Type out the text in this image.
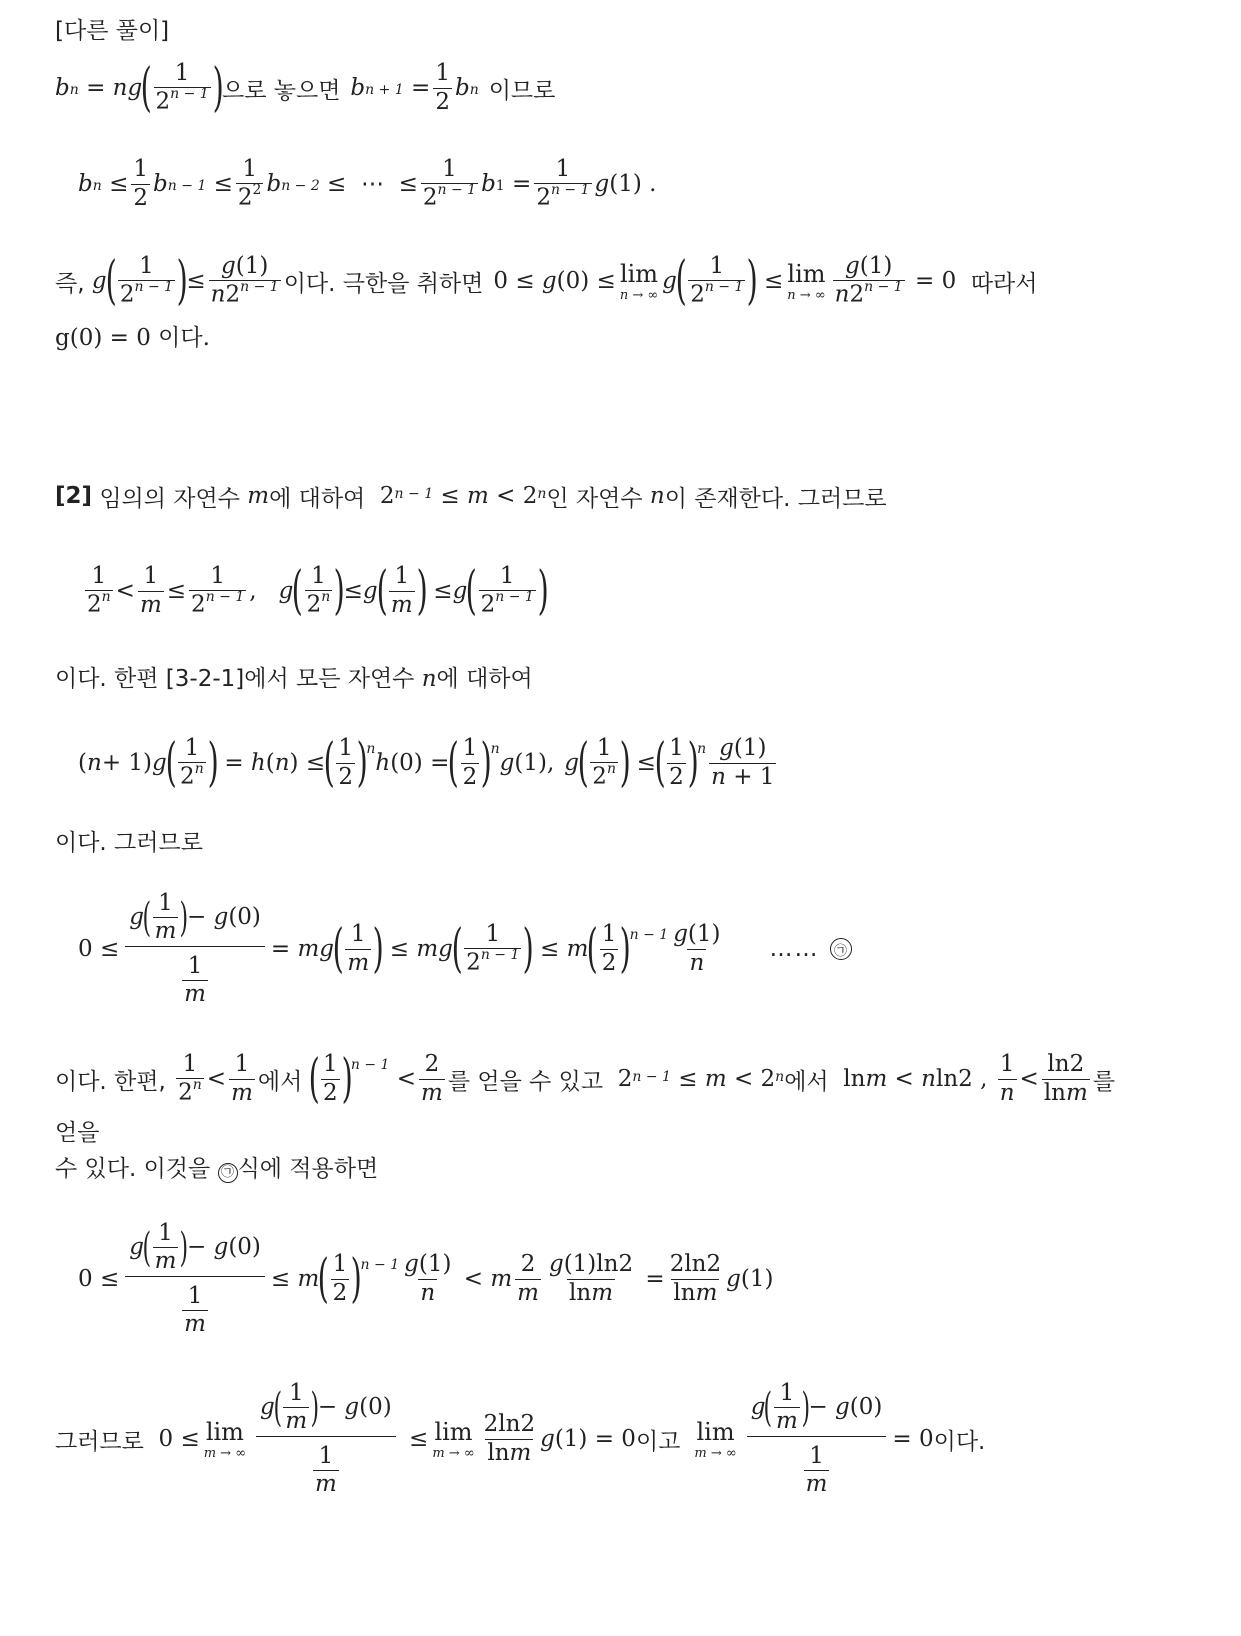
[다른 풀이]
b n = ng
( $\frac{1}{2^{n - 1}}$ )
으로 놓으면 b $n + 1 = \frac{1}{2}$ b n 이므로
b $n \le \frac{1}{2}$ b $n - 1 \le \frac{1}{2^2}$ b n − 2 ≤  ⋯  ≤ $\frac{1}{2^{n - 1}}$ b $1 = \frac{1}{2^{n - 1}}$ g (1) .
즉,
g
( $\frac{1}{2^{n - 1}}$ )
≤ $\frac{g(1)}{n2^{n - 1}}$ 이다. 극한을 취하면 0 ≤ g (0) ≤ lim
n → ∞
g
( $\frac{1}{2^{n - 1}}$ )
≤ lim
n → ∞ $\frac{g(1)}{n2^{n - 1}} = 0$ 따라서
g(0) = 0 이다.
[2]
임의의 자연수
m 에 대하여 2 n − 1 ≤ m < 2 n 인 자연수
n 이 존재한다. 그러므로
$\frac{1}{2^n} < \frac{1}{m} \le \frac{1}{2^{n - 1}}$ , g
( $\frac{1}{2^n}$ )
≤ g
( $\frac{1}{m}$ )
≤ g
( $\frac{1}{2^{n - 1}}$ )
이다. 한편 [3-2-1]에서 모든 자연수 n에 대하여
( n + 1) g
( $\frac{1}{2^n}$ )
= h ( n ) ≤
( $\frac{1}{2}$ )
n
h (0) =
( $\frac{1}{2}$ )
n
g (1), g
( $\frac{1}{2^n}$ )
≤
( $\frac{1}{2}$ )
n $\frac{g(1)}{n + 1}$
이다. 그러므로
0 ≤ g
( $\frac{1}{m}$ )
− g (0)
$\frac{1}{m}$ = mg
( $\frac{1}{m}$ )
≤ mg
( $\frac{1}{2^{n - 1}}$ )
≤ m
( $\frac{1}{2}$ )
$n - 1 \frac{g(1)}{n}$ ……	㉠
이다. 한편,
$\frac{1}{2^n} < \frac{1}{m}$ 에서
( $\frac{1}{2}$ )
n − 1
< $\frac{2}{m}$ 를 얻을 수 있고 2 n − 1 ≤ m < 2 n 에서 ln m < n ln2 , $\frac{1}{n} < \frac{\ln 2}{\ln m}$ 를
얻을
수 있다. 이것을 ㉠ 식에 적용하면
0 ≤ g
( $\frac{1}{m}$ )
− g (0)
$\frac{1}{m} \le m$
( $\frac{1}{2}$ )
$n - 1 \frac{g(1)}{n} < m \frac{2}{m} \frac{g(1)\ln 2}{\ln m} = \frac{2\ln 2}{\ln m}$ g (1)
그러므로 0 ≤ lim
m → ∞ g
( $\frac{1}{m}$ )
− g (0)
$\frac{1}{m} \le \lim$
m → ∞ $\frac{2\ln 2}{\ln m}$ g (1) = 0 이고 lim
m → ∞ g
( $\frac{1}{m}$ )
− g (0)
$\frac{1}{m} = 0$ 이다.
